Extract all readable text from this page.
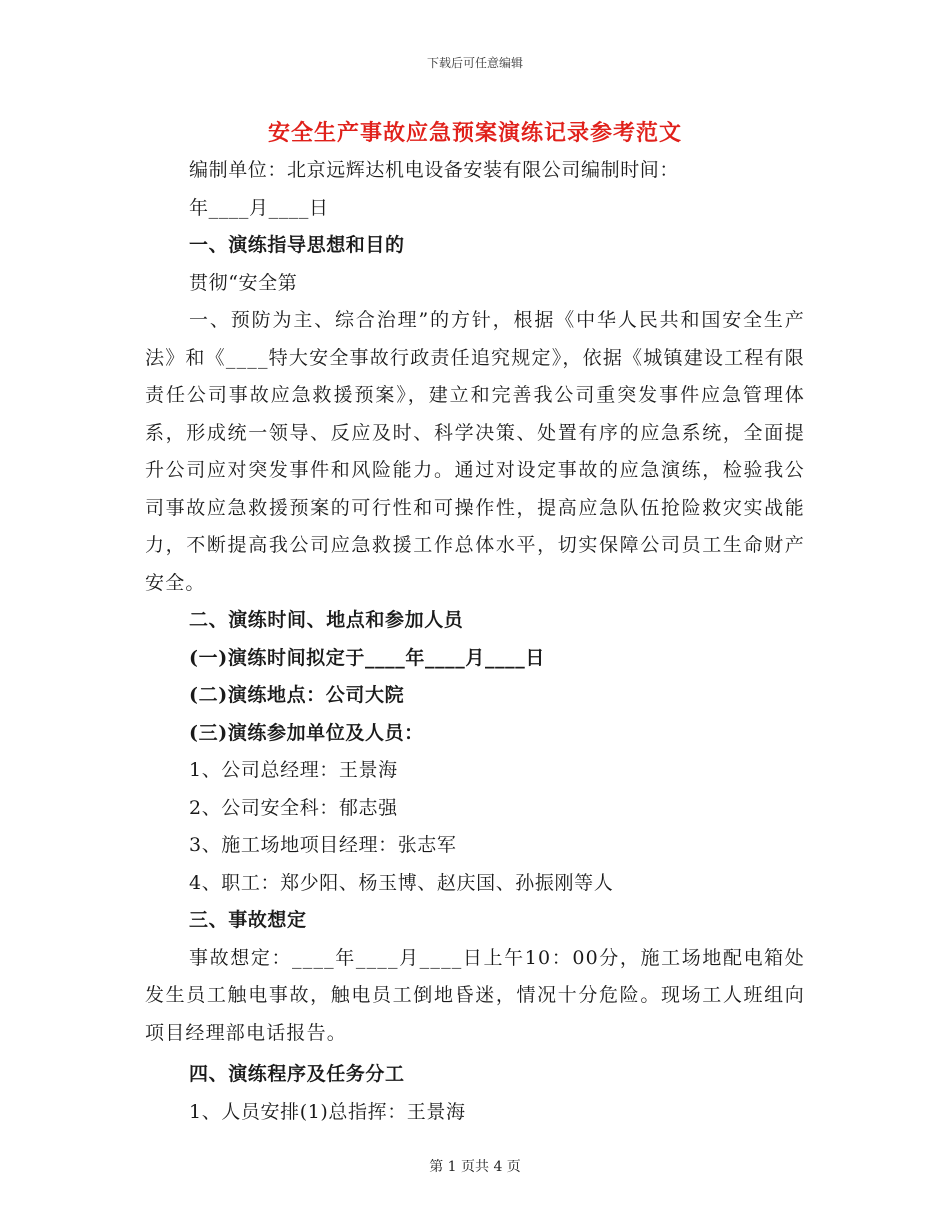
下载后可任意编辑
安全生产事故应急预案演练记录参考范文

编制单位：北京远辉达机电设备安装有限公司编制时间：

年____月____日

一、演练指导思想和目的

贯彻“安全第

一、预防为主、综合治理”的方针，根据《中华人民共和国安全生产法》和《____特大安全事故行政责任追究规定》，依据《城镇建设工程有限责任公司事故应急救援预案》，建立和完善我公司重突发事件应急管理体系，形成统一领导、反应及时、科学决策、处置有序的应急系统，全面提升公司应对突发事件和风险能力。通过对设定事故的应急演练，检验我公司事故应急救援预案的可行性和可操作性，提高应急队伍抢险救灾实战能力，不断提高我公司应急救援工作总体水平，切实保障公司员工生命财产安全。

二、演练时间、地点和参加人员

(一)演练时间拟定于____年____月____日

(二)演练地点：公司大院

(三)演练参加单位及人员：

1、公司总经理：王景海

2、公司安全科：郁志强

3、施工场地项目经理：张志军

4、职工：郑少阳、杨玉博、赵庆国、孙振刚等人

三、事故想定

事故想定：____年____月____日上午10：00分，施工场地配电箱处发生员工触电事故，触电员工倒地昏迷，情况十分危险。现场工人班组向项目经理部电话报告。

四、演练程序及任务分工

1、人员安排(1)总指挥：王景海

第 1 页共 4 页
